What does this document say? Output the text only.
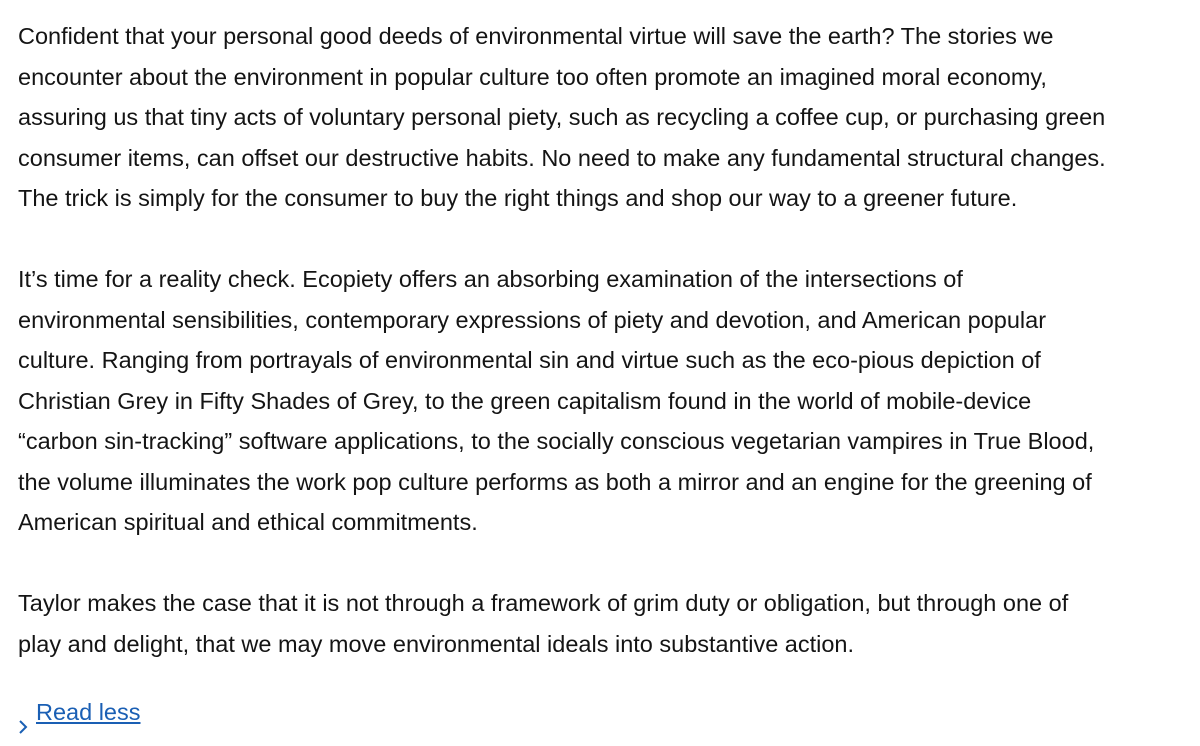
Confident that your personal good deeds of environmental virtue will save the earth? The stories we
encounter about the environment in popular culture too often promote an imagined moral economy,
assuring us that tiny acts of voluntary personal piety, such as recycling a coffee cup, or purchasing green
consumer items, can offset our destructive habits. No need to make any fundamental structural changes.
The trick is simply for the consumer to buy the right things and shop our way to a greener future.

It’s time for a reality check. Ecopiety offers an absorbing examination of the intersections of
environmental sensibilities, contemporary expressions of piety and devotion, and American popular
culture. Ranging from portrayals of environmental sin and virtue such as the eco-pious depiction of
Christian Grey in Fifty Shades of Grey, to the green capitalism found in the world of mobile-device
“carbon sin-tracking” software applications, to the socially conscious vegetarian vampires in True Blood,
the volume illuminates the work pop culture performs as both a mirror and an engine for the greening of
American spiritual and ethical commitments.

Taylor makes the case that it is not through a framework of grim duty or obligation, but through one of
play and delight, that we may move environmental ideals into substantive action.

Read less
